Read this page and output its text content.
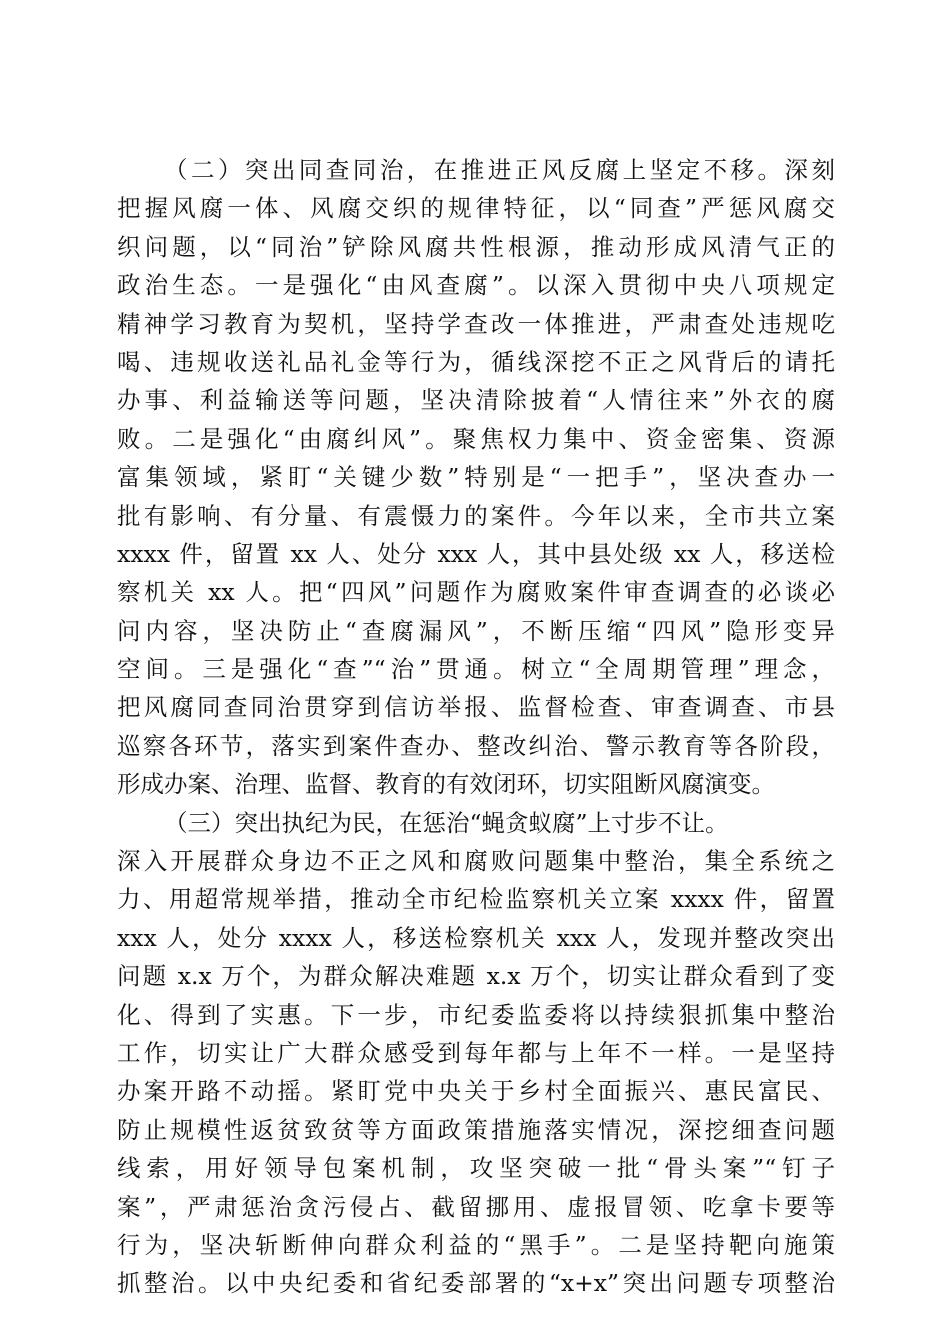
（二）突出同查同治，在推进正风反腐上坚定不移。深刻
把握风腐一体、风腐交织的规律特征，以“同查”严惩风腐交
织问题，以“同治”铲除风腐共性根源，推动形成风清气正的
政治生态。一是强化“由风查腐”。以深入贯彻中央八项规定
精神学习教育为契机，坚持学查改一体推进，严肃查处违规吃
喝、违规收送礼品礼金等行为，循线深挖不正之风背后的请托
办事、利益输送等问题，坚决清除披着“人情往来”外衣的腐
败。二是强化“由腐纠风”。聚焦权力集中、资金密集、资源
富集领域，紧盯“关键少数”特别是“一把手”，坚决查办一
批有影响、有分量、有震慑力的案件。今年以来，全市共立案
xxxx 件，留置 xx 人、处分 xxx 人，其中县处级 xx 人，移送检
察机关 xx 人。把“四风”问题作为腐败案件审查调查的必谈必
问内容，坚决防止“查腐漏风”，不断压缩“四风”隐形变异
空间。三是强化“查”“治”贯通。树立“全周期管理”理念，
把风腐同查同治贯穿到信访举报、监督检查、审查调查、市县
巡察各环节，落实到案件查办、整改纠治、警示教育等各阶段，
形成办案、治理、监督、教育的有效闭环，切实阻断风腐演变。
（三）突出执纪为民，在惩治“蝇贪蚁腐”上寸步不让。
深入开展群众身边不正之风和腐败问题集中整治，集全系统之
力、用超常规举措，推动全市纪检监察机关立案 xxxx 件，留置
xxx 人，处分 xxxx 人，移送检察机关 xxx 人，发现并整改突出
问题 x.x 万个，为群众解决难题 x.x 万个，切实让群众看到了变
化、得到了实惠。下一步，市纪委监委将以持续狠抓集中整治
工作，切实让广大群众感受到每年都与上年不一样。一是坚持
办案开路不动摇。紧盯党中央关于乡村全面振兴、惠民富民、
防止规模性返贫致贫等方面政策措施落实情况，深挖细查问题
线索，用好领导包案机制，攻坚突破一批“骨头案”“钉子
案”，严肃惩治贪污侵占、截留挪用、虚报冒领、吃拿卡要等
行为，坚决斩断伸向群众利益的“黑手”。二是坚持靶向施策
抓整治。以中央纪委和省纪委部署的“x+x”突出问题专项整治
